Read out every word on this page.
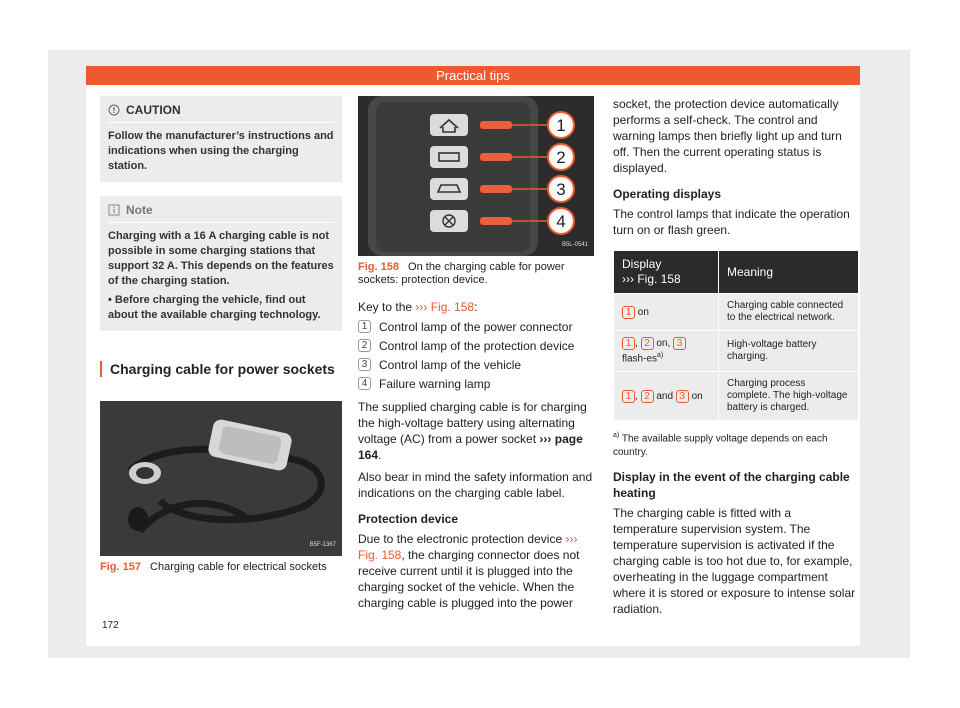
Practical tips
CAUTION
Follow the manufacturer’s instructions and indications when using the charging station.
Note
Charging with a 16 A charging cable is not possible in some charging stations that support 32 A. This depends on the features of the charging station.
• Before charging the vehicle, find out about the available charging technology.
Charging cable for power sockets
B5F-1367
Fig. 157 Charging cable for electrical sockets
1
2
3
4
B5L-0541
Fig. 158 On the charging cable for power sockets: protection device.
Key to the ››› Fig. 158:
1 Control lamp of the power connector
2 Control lamp of the protection device
3 Control lamp of the vehicle
4 Failure warning lamp

The supplied charging cable is for charging the high-voltage battery using alternating voltage (AC) from a power socket ››› page 164.

Also bear in mind the safety information and indications on the charging cable label.

Protection device

Due to the electronic protection device ››› Fig. 158, the charging connector does not receive current until it is plugged into the charging socket of the vehicle. When the charging cable is plugged into the power

socket, the protection device automatically performs a self-check. The control and warning lamps then briefly light up and turn off. Then the current operating status is displayed.
Operating displays

The control lamps that indicate the operation turn on or flash green.

Display
››› Fig. 158	Meaning
1 on	Charging cable connected to the electrical network.
1 , 2 on, 3 flash-$es^{a)}$	High-voltage battery charging.
1 , 2 and 3 on	Charging process complete. The high-voltage battery is charged.
$^{a)}$ The available supply voltage depends on each country.
Display in the event of the charging cable heating

The charging cable is fitted with a temperature supervision system. The temperature supervision is activated if the charging cable is too hot due to, for example, overheating in the luggage compartment where it is stored or exposure to intense solar radiation.

172
